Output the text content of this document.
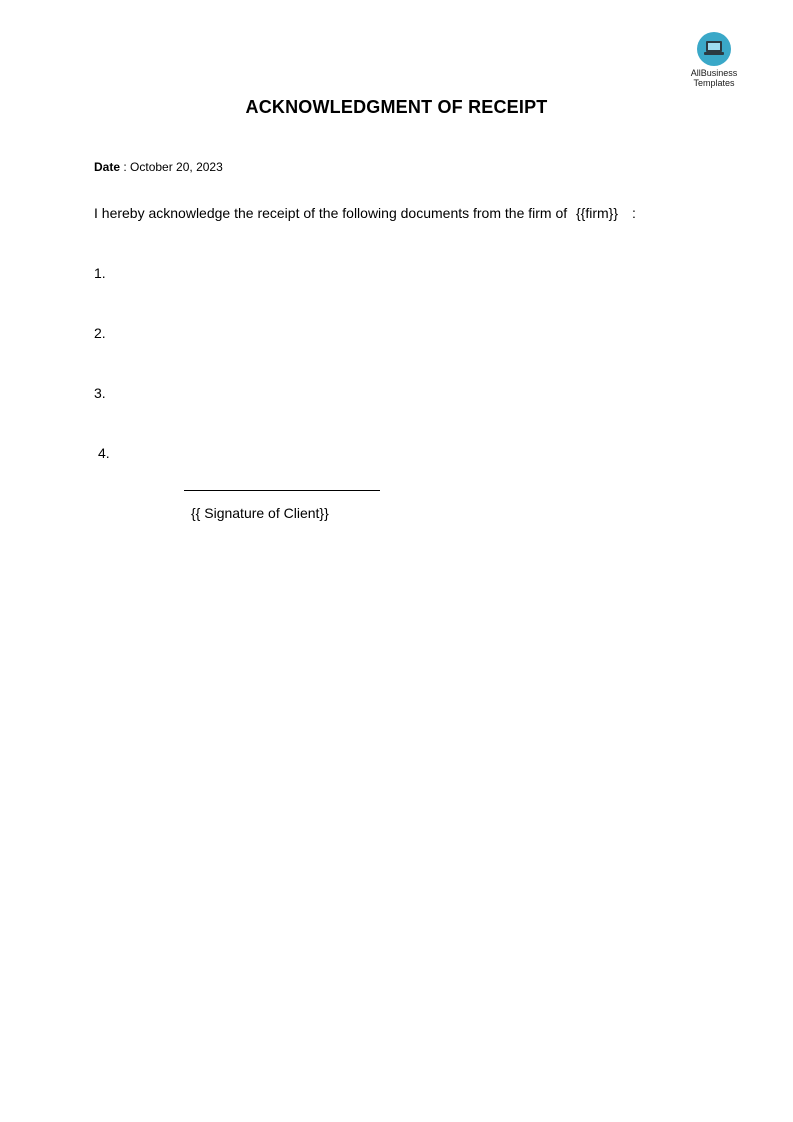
AllBusiness
Templates
ACKNOWLEDGMENT OF RECEIPT
Date : October 20, 2023
I hereby acknowledge the receipt of the following documents from the firm of {{firm}} :
1.
2.
3.
4.
{{ Signature of Client}}
